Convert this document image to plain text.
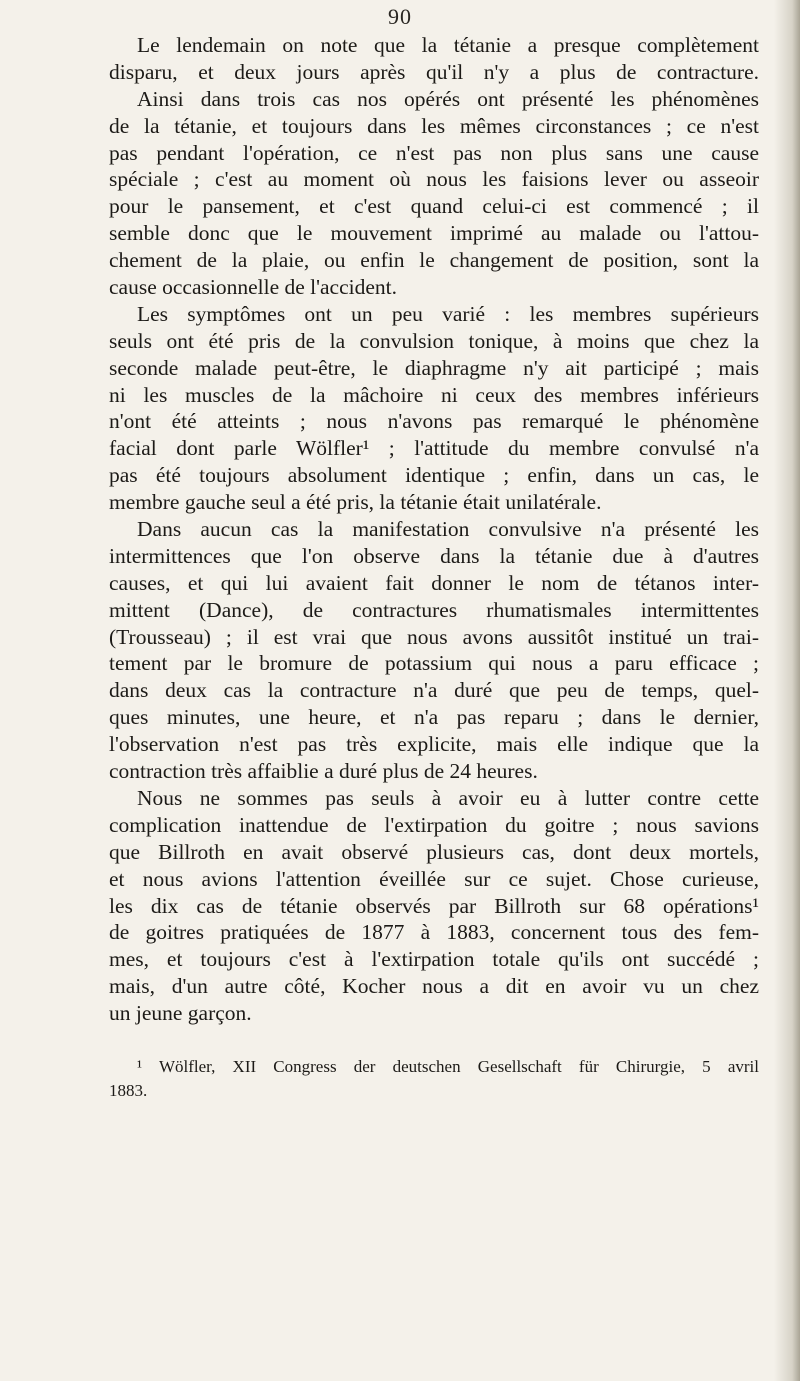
90
Le lendemain on note que la tétanie a presque complètement
disparu, et deux jours après qu'il n'y a plus de contracture.
Ainsi dans trois cas nos opérés ont présenté les phénomènes
de la tétanie, et toujours dans les mêmes circonstances ; ce n'est
pas pendant l'opération, ce n'est pas non plus sans une cause
spéciale ; c'est au moment où nous les faisions lever ou asseoir
pour le pansement, et c'est quand celui-ci est commencé ; il
semble donc que le mouvement imprimé au malade ou l'attou-
chement de la plaie, ou enfin le changement de position, sont la
cause occasionnelle de l'accident.
Les symptômes ont un peu varié : les membres supérieurs
seuls ont été pris de la convulsion tonique, à moins que chez la
seconde malade peut-être, le diaphragme n'y ait participé ; mais
ni les muscles de la mâchoire ni ceux des membres inférieurs
n'ont été atteints ; nous n'avons pas remarqué le phénomène
facial dont parle Wölfler¹ ; l'attitude du membre convulsé n'a
pas été toujours absolument identique ; enfin, dans un cas, le
membre gauche seul a été pris, la tétanie était unilatérale.
Dans aucun cas la manifestation convulsive n'a présenté les
intermittences que l'on observe dans la tétanie due à d'autres
causes, et qui lui avaient fait donner le nom de tétanos inter-
mittent (Dance), de contractures rhumatismales intermittentes
(Trousseau) ; il est vrai que nous avons aussitôt institué un trai-
tement par le bromure de potassium qui nous a paru efficace ;
dans deux cas la contracture n'a duré que peu de temps, quel-
ques minutes, une heure, et n'a pas reparu ; dans le dernier,
l'observation n'est pas très explicite, mais elle indique que la
contraction très affaiblie a duré plus de 24 heures.
Nous ne sommes pas seuls à avoir eu à lutter contre cette
complication inattendue de l'extirpation du goitre ; nous savions
que Billroth en avait observé plusieurs cas, dont deux mortels,
et nous avions l'attention éveillée sur ce sujet. Chose curieuse,
les dix cas de tétanie observés par Billroth sur 68 opérations¹
de goitres pratiquées de 1877 à 1883, concernent tous des fem-
mes, et toujours c'est à l'extirpation totale qu'ils ont succédé ;
mais, d'un autre côté, Kocher nous a dit en avoir vu un chez
un jeune garçon.
¹ Wölfler, XII Congress der deutschen Gesellschaft für Chirurgie, 5 avril
1883.
